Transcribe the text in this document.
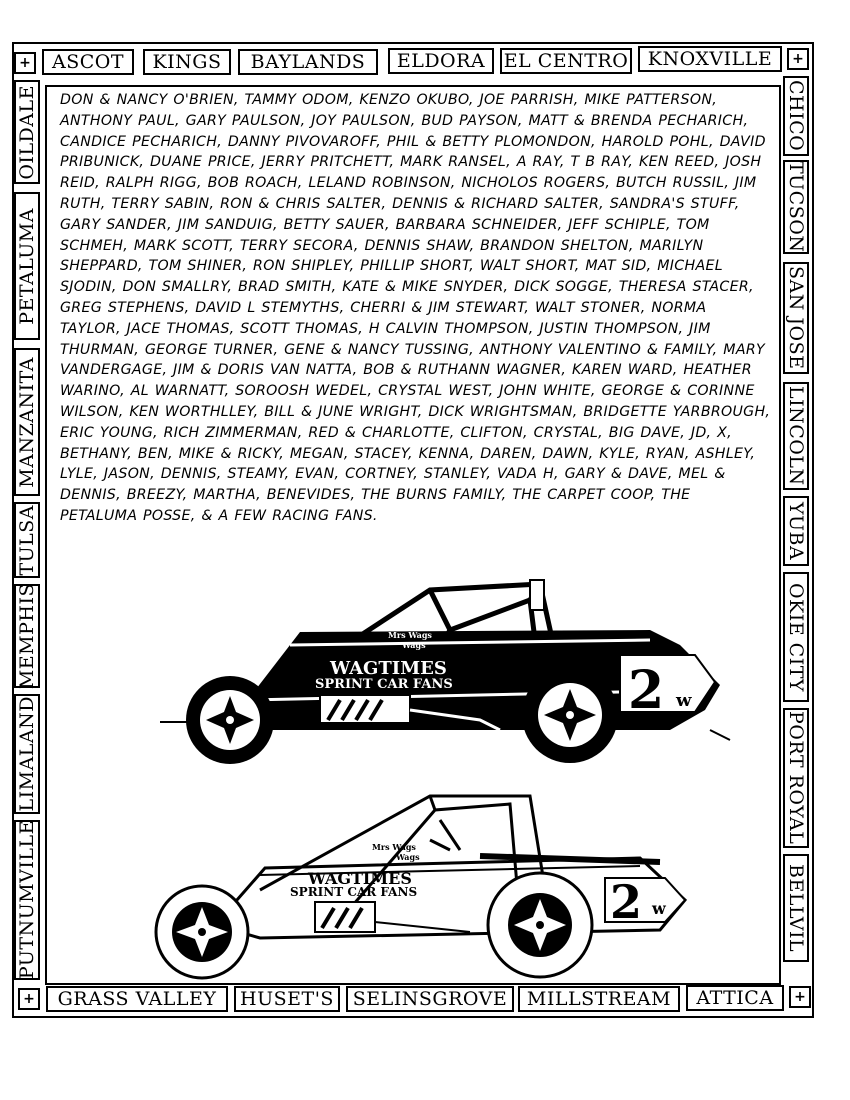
+	+
+	+
ASCOT	KINGS	BAYLANDS	ELDORA EL CENTRO	KNOXVILLE
GRASS VALLEY	HUSET'S SELINSGROVE	MILLSTREAM	ATTICA
OILDALE
PETALUMA
MANZANITA
TULSA
MEMPHIS
LIMALAND
PUTNUMVILLE
CHICO
TUCSON
SAN JOSE
LINCOLN
YUBA
OKIE CITY
PORT ROYAL
BELLVIL
DON & NANCY O'BRIEN, TAMMY ODOM, KENZO OKUBO, JOE PARRISH, MIKE PATTERSON, ANTHONY PAUL, GARY PAULSON, JOY PAULSON, BUD PAYSON, MATT & BRENDA PECHARICH, CANDICE PECHARICH, DANNY PIVOVAROFF, PHIL & BETTY PLOMONDON, HAROLD POHL, DAVID PRIBUNICK, DUANE PRICE, JERRY PRITCHETT, MARK RANSEL, A RAY, T B RAY, KEN REED, JOSH REID, RALPH RIGG, BOB ROACH, LELAND ROBINSON, NICHOLOS ROGERS, BUTCH RUSSIL, JIM RUTH, TERRY SABIN, RON & CHRIS SALTER, DENNIS & RICHARD SALTER, SANDRA'S STUFF, GARY SANDER, JIM SANDUIG, BETTY SAUER, BARBARA SCHNEIDER, JEFF SCHIPLE, TOM SCHMEH, MARK SCOTT, TERRY SECORA, DENNIS SHAW, BRANDON SHELTON, MARILYN SHEPPARD, TOM SHINER, RON SHIPLEY, PHILLIP SHORT, WALT SHORT, MAT SID, MICHAEL SJODIN, DON SMALLRY, BRAD SMITH, KATE & MIKE SNYDER, DICK SOGGE, THERESA STACER, GREG STEPHENS, DAVID L STEMYTHS, CHERRI & JIM STEWART, WALT STONER, NORMA TAYLOR, JACE THOMAS, SCOTT THOMAS, H CALVIN THOMPSON, JUSTIN THOMPSON, JIM THURMAN, GEORGE TURNER, GENE & NANCY TUSSING, ANTHONY VALENTINO & FAMILY, MARY VANDERGAGE, JIM & DORIS VAN NATTA, BOB & RUTHANN WAGNER, KAREN WARD, HEATHER WARINO, AL WARNATT, SOROOSH WEDEL, CRYSTAL WEST, JOHN WHITE, GEORGE & CORINNE WILSON, KEN WORTHLLEY, BILL & JUNE WRIGHT, DICK WRIGHTSMAN, BRIDGETTE YARBROUGH, ERIC YOUNG, RICH ZIMMERMAN, RED & CHARLOTTE, CLIFTON, CRYSTAL, BIG DAVE, JD, X, BETHANY, BEN, MIKE & RICKY, MEGAN, STACEY, KENNA, DAREN, DAWN, KYLE, RYAN, ASHLEY, LYLE, JASON, DENNIS, STEAMY, EVAN, CORTNEY, STANLEY, VADA H, GARY & DAVE, MEL & DENNIS, BREEZY, MARTHA, BENEVIDES, THE BURNS FAMILY, THE CARPET COOP, THE PETALUMA POSSE, & A FEW RACING FANS.
2 w
WAGTIMES
SPRINT CAR FANS
Mrs Wags
Wags
2 w
WAGTIMES
SPRINT CAR FANS
Mrs Wags
Wags
